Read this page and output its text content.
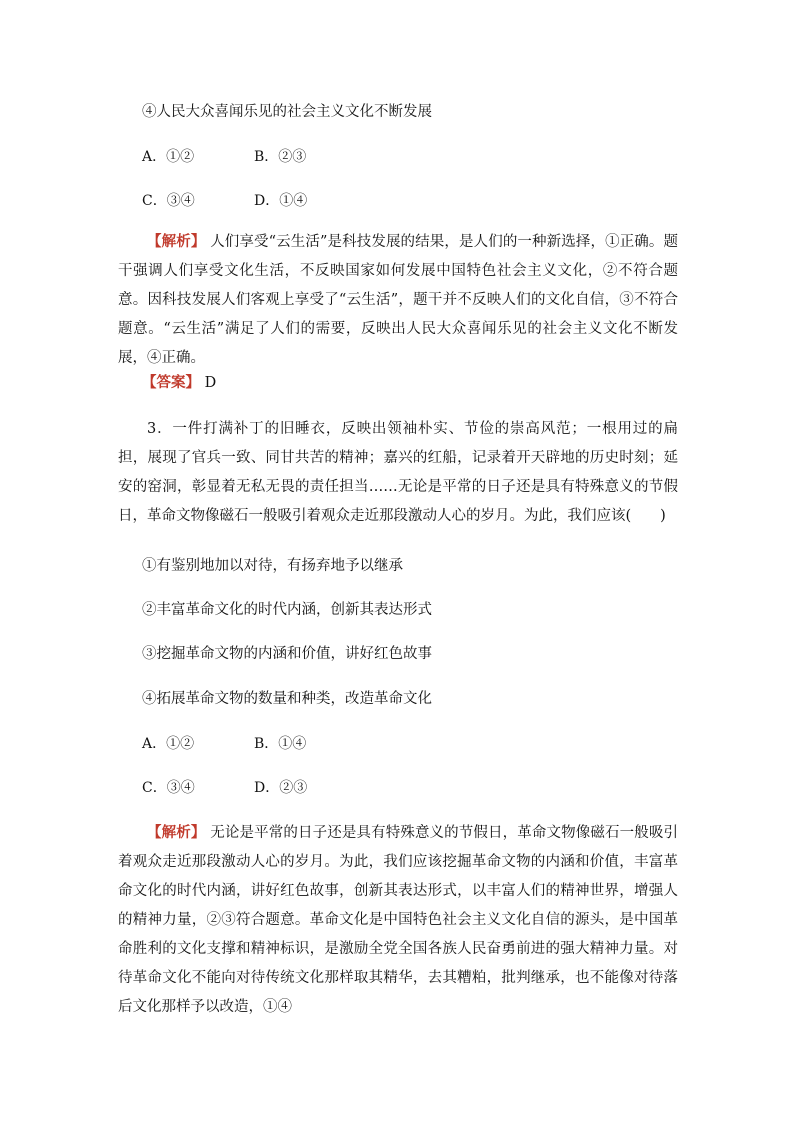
④人民大众喜闻乐见的社会主义文化不断发展
A．①②	B．②③
C．③④	D．①④
【解析】 人们享受“云生活”是科技发展的结果，是人们的一种新选择，①正确。题干强调人们享受文化生活，不反映国家如何发展中国特色社会主义文化，②不符合题意。因科技发展人们客观上享受了“云生活”，题干并不反映人们的文化自信，③不符合题意。“云生活”满足了人们的需要，反映出人民大众喜闻乐见的社会主义文化不断发展，④正确。
【答案】 D
3．一件打满补丁的旧睡衣，反映出领袖朴实、节俭的崇高风范；一根用过的扁担，展现了官兵一致、同甘共苦的精神；嘉兴的红船，记录着开天辟地的历史时刻；延安的窑洞，彰显着无私无畏的责任担当……无论是平常的日子还是具有特殊意义的节假日，革命文物像磁石一般吸引着观众走近那段激动人心的岁月。为此，我们应该(　　)
①有鉴别地加以对待，有扬弃地予以继承
②丰富革命文化的时代内涵，创新其表达形式
③挖掘革命文物的内涵和价值，讲好红色故事
④拓展革命文物的数量和种类，改造革命文化
A．①②	B．①④
C．③④	D．②③
【解析】 无论是平常的日子还是具有特殊意义的节假日，革命文物像磁石一般吸引着观众走近那段激动人心的岁月。为此，我们应该挖掘革命文物的内涵和价值，丰富革命文化的时代内涵，讲好红色故事，创新其表达形式，以丰富人们的精神世界，增强人的精神力量，②③符合题意。革命文化是中国特色社会主义文化自信的源头，是中国革命胜利的文化支撑和精神标识，是激励全党全国各族人民奋勇前进的强大精神力量。对待革命文化不能向对待传统文化那样取其精华，去其糟粕，批判继承，也不能像对待落后文化那样予以改造，①④
